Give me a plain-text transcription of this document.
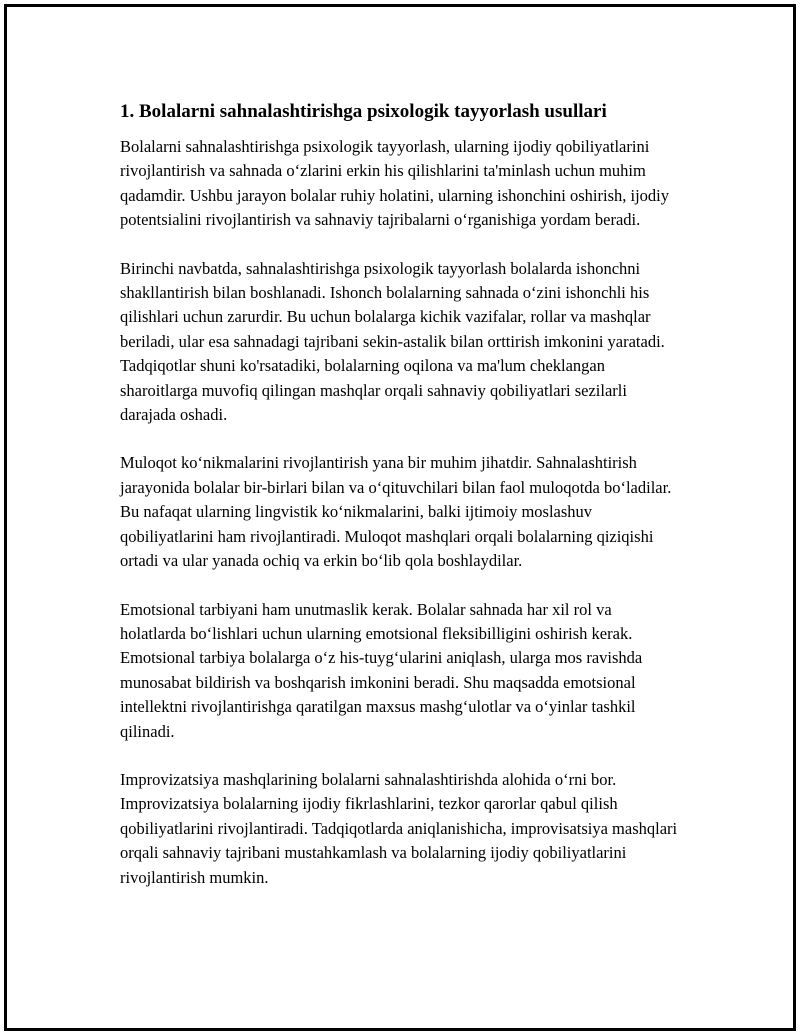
1. Bolalarni sahnalashtirishga psixologik tayyorlash usullari

Bolalarni sahnalashtirishga psixologik tayyorlash, ularning ijodiy qobiliyatlarini rivojlantirish va sahnada o‘zlarini erkin his qilishlarini ta'minlash uchun muhim qadamdir. Ushbu jarayon bolalar ruhiy holatini, ularning ishonchini oshirish, ijodiy potentsialini rivojlantirish va sahnaviy tajribalarni o‘rganishiga yordam beradi.

Birinchi navbatda, sahnalashtirishga psixologik tayyorlash bolalarda ishonchni shakllantirish bilan boshlanadi. Ishonch bolalarning sahnada o‘zini ishonchli his qilishlari uchun zarurdir. Bu uchun bolalarga kichik vazifalar, rollar va mashqlar beriladi, ular esa sahnadagi tajribani sekin-astalik bilan orttirish imkonini yaratadi. Tadqiqotlar shuni ko'rsatadiki, bolalarning oqilona va ma'lum cheklangan sharoitlarga muvofiq qilingan mashqlar orqali sahnaviy qobiliyatlari sezilarli darajada oshadi.

Muloqot ko‘nikmalarini rivojlantirish yana bir muhim jihatdir. Sahnalashtirish jarayonida bolalar bir-birlari bilan va o‘qituvchilari bilan faol muloqotda bo‘ladilar. Bu nafaqat ularning lingvistik ko‘nikmalarini, balki ijtimoiy moslashuv qobiliyatlarini ham rivojlantiradi. Muloqot mashqlari orqali bolalarning qiziqishi ortadi va ular yanada ochiq va erkin bo‘lib qola boshlaydilar.

Emotsional tarbiyani ham unutmaslik kerak. Bolalar sahnada har xil rol va holatlarda bo‘lishlari uchun ularning emotsional fleksibilligini oshirish kerak. Emotsional tarbiya bolalarga o‘z his-tuyg‘ularini aniqlash, ularga mos ravishda munosabat bildirish va boshqarish imkonini beradi. Shu maqsadda emotsional intellektni rivojlantirishga qaratilgan maxsus mashg‘ulotlar va o‘yinlar tashkil qilinadi.

Improvizatsiya mashqlarining bolalarni sahnalashtirishda alohida o‘rni bor. Improvizatsiya bolalarning ijodiy fikrlashlarini, tezkor qarorlar qabul qilish qobiliyatlarini rivojlantiradi. Tadqiqotlarda aniqlanishicha, improvisatsiya mashqlari orqali sahnaviy tajribani mustahkamlash va bolalarning ijodiy qobiliyatlarini rivojlantirish mumkin.
